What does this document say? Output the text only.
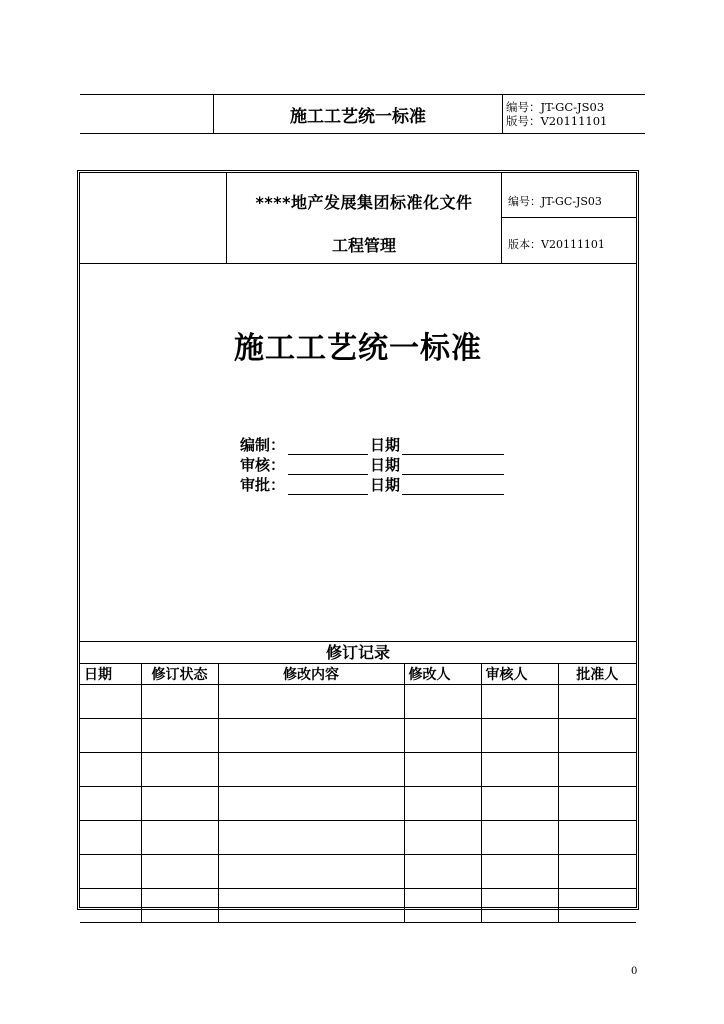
施工工艺统一标准	编号：JT-GC-JS03
版号：V20111101
****地产发展集团标准化文件
工程管理
编号：JT-GC-JS03
版本：V20111101
施工工艺统一标准
编制：	日期
审核：	日期
审批：	日期
修订记录
日期	修订状态	修改内容	修改人	审核人	批准人

0
